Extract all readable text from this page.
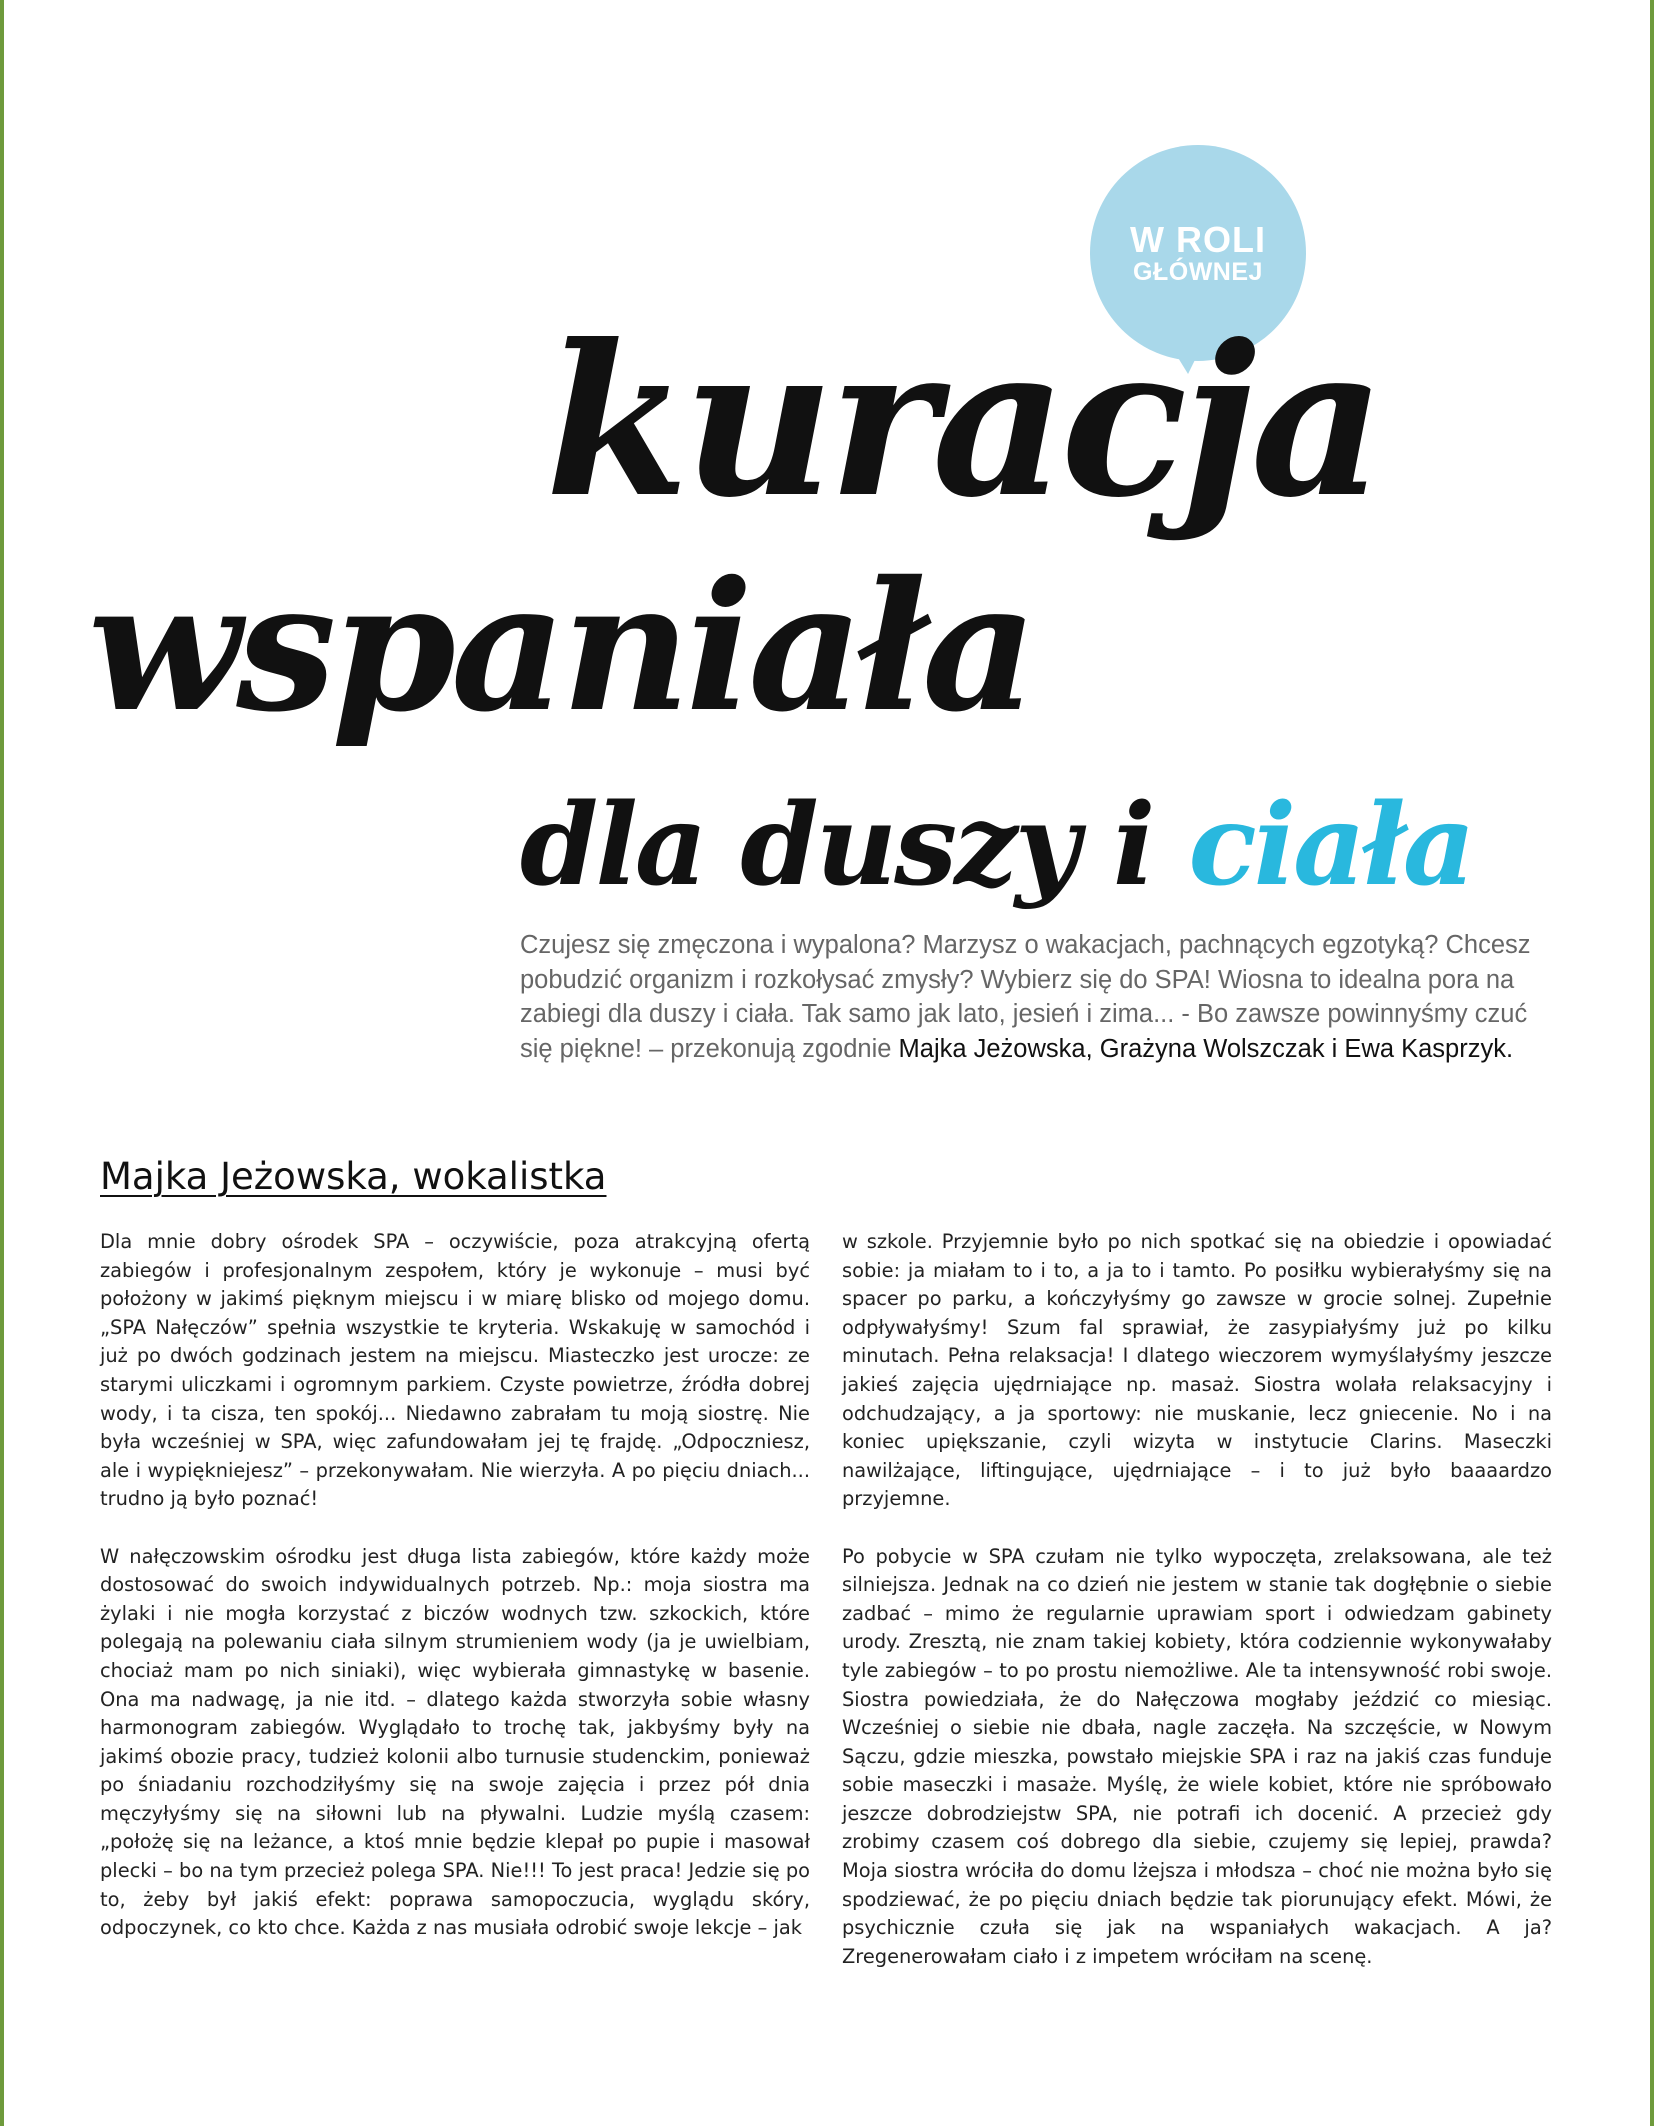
W ROLI
GŁÓWNEJ
kuracja
wspaniała
dla duszy i ciała

Czujesz się zmęczona i wypalona? Marzysz o wakacjach, pachnących egzotyką? Chcesz pobudzić organizm i rozkołysać zmysły? Wybierz się do SPA! Wiosna to idealna pora na zabiegi dla duszy i ciała. Tak samo jak lato, jesień i zima... - Bo zawsze powinnyśmy czuć się piękne! – przekonują zgodnie Majka Jeżowska, Grażyna Wolszczak i Ewa Kasprzyk.

Majka Jeżowska, wokalistka

Dla mnie dobry ośrodek SPA – oczywiście, poza atrakcyjną ofertą zabiegów i profesjonalnym zespołem, który je wykonuje – musi być położony w jakimś pięknym miejscu i w miarę blisko od mojego domu. „SPA Nałęczów” spełnia wszystkie te kryteria. Wskakuję w samochód i już po dwóch godzinach jestem na miejscu. Miasteczko jest urocze: ze starymi uliczkami i ogromnym parkiem. Czyste powietrze, źródła dobrej wody, i ta cisza, ten spokój... Niedawno zabrałam tu moją siostrę. Nie była wcześniej w SPA, więc zafundowałam jej tę frajdę. „Odpoczniesz, ale i wypiękniejesz” – przekonywałam. Nie wierzyła. A po pięciu dniach... trudno ją było poznać!

W nałęczowskim ośrodku jest długa lista zabiegów, które każdy może dostosować do swoich indywidualnych potrzeb. Np.: moja siostra ma żylaki i nie mogła korzystać z biczów wodnych tzw. szkockich, które polegają na polewaniu ciała silnym strumieniem wody (ja je uwielbiam, chociaż mam po nich siniaki), więc wybierała gimnastykę w basenie. Ona ma nadwagę, ja nie itd. – dlatego każda stworzyła sobie własny harmonogram zabiegów. Wyglądało to trochę tak, jakbyśmy były na jakimś obozie pracy, tudzież kolonii albo turnusie studenckim, ponieważ po śniadaniu rozchodziłyśmy się na swoje zajęcia i przez pół dnia męczyłyśmy się na siłowni lub na pływalni. Ludzie myślą czasem: „położę się na leżance, a ktoś mnie będzie klepał po pupie i masował plecki – bo na tym przecież polega SPA. Nie!!! To jest praca! Jedzie się po to, żeby był jakiś efekt: poprawa samopoczucia, wyglądu skóry, odpoczynek, co kto chce. Każda z nas musiała odrobić swoje lekcje – jak

w szkole. Przyjemnie było po nich spotkać się na obiedzie i opowiadać sobie: ja miałam to i to, a ja to i tamto. Po posiłku wybierałyśmy się na spacer po parku, a kończyłyśmy go zawsze w grocie solnej. Zupełnie odpływałyśmy! Szum fal sprawiał, że zasypiałyśmy już po kilku minutach. Pełna relaksacja! I dlatego wieczorem wymyślałyśmy jeszcze jakieś zajęcia ujędrniające np. masaż. Siostra wolała relaksacyjny i odchudzający, a ja sportowy: nie muskanie, lecz gniecenie. No i na koniec upiększanie, czyli wizyta w instytucie Clarins. Maseczki nawilżające, liftingujące, ujędrniające – i to już było baaaardzo przyjemne.

Po pobycie w SPA czułam nie tylko wypoczęta, zrelaksowana, ale też silniejsza. Jednak na co dzień nie jestem w stanie tak dogłębnie o siebie zadbać – mimo że regularnie uprawiam sport i odwiedzam gabinety urody. Zresztą, nie znam takiej kobiety, która codziennie wykonywałaby tyle zabiegów – to po prostu niemożliwe. Ale ta intensywność robi swoje. Siostra powiedziała, że do Nałęczowa mogłaby jeździć co miesiąc. Wcześniej o siebie nie dbała, nagle zaczęła. Na szczęście, w Nowym Sączu, gdzie mieszka, powstało miejskie SPA i raz na jakiś czas funduje sobie maseczki i masaże. Myślę, że wiele kobiet, które nie spróbowało jeszcze dobrodziejstw SPA, nie potrafi ich docenić. A przecież gdy zrobimy czasem coś dobrego dla siebie, czujemy się lepiej, prawda? Moja siostra wróciła do domu lżejsza i młodsza – choć nie można było się spodziewać, że po pięciu dniach będzie tak piorunujący efekt. Mówi, że psychicznie czuła się jak na wspaniałych wakacjach. A ja? Zregenerowałam ciało i z impetem wróciłam na scenę.
